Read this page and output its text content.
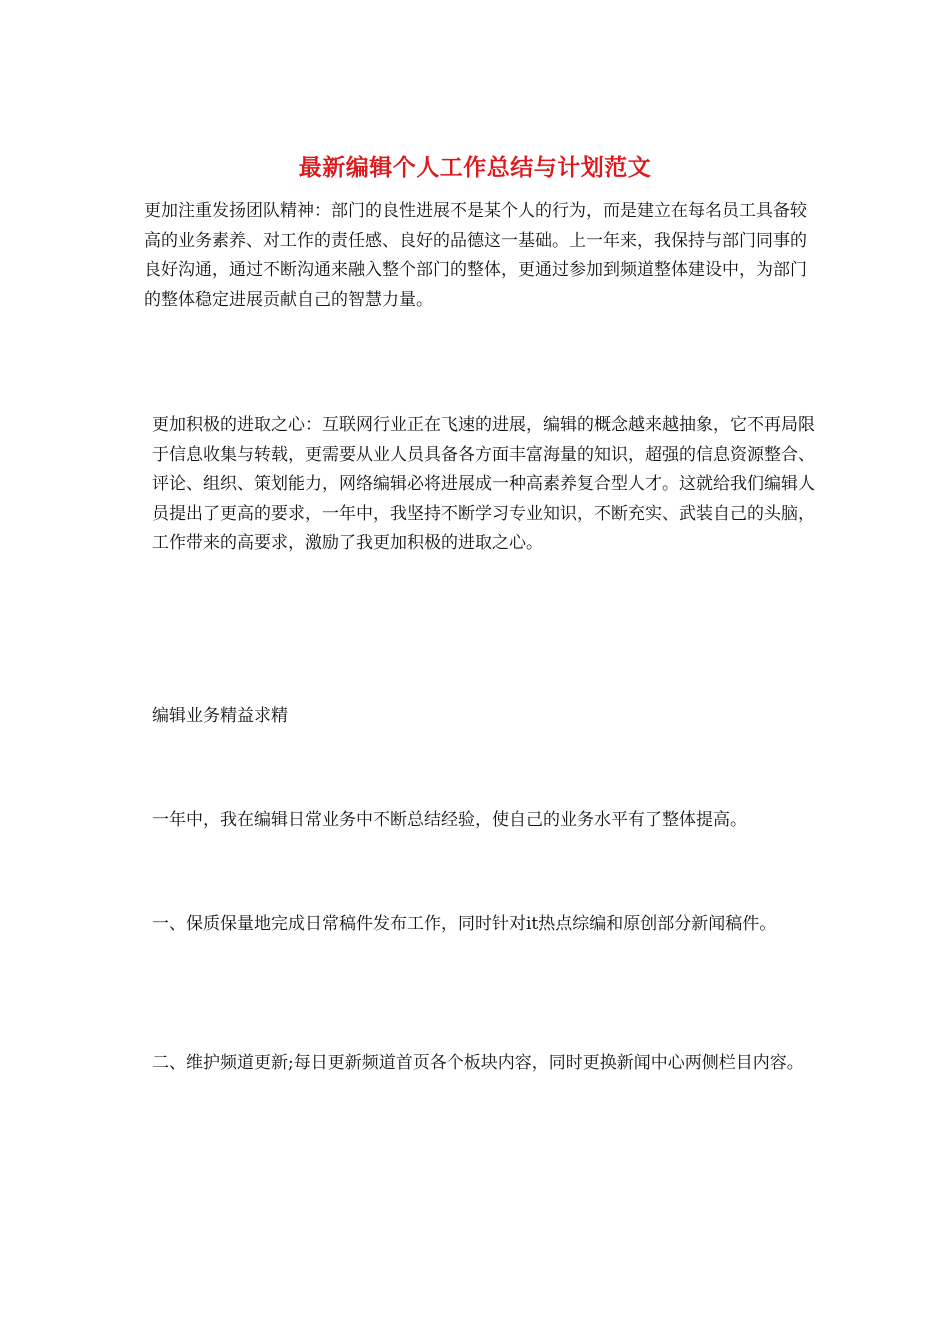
最新编辑个人工作总结与计划范文
更加注重发扬团队精神：部门的良性进展不是某个人的行为，而是建立在每名员工具备较高的业务素养、对工作的责任感、良好的品德这一基础。上一年来，我保持与部门同事的良好沟通，通过不断沟通来融入整个部门的整体，更通过参加到频道整体建设中，为部门的整体稳定进展贡献自己的智慧力量。
更加积极的进取之心：互联网行业正在飞速的进展，编辑的概念越来越抽象，它不再局限于信息收集与转载，更需要从业人员具备各方面丰富海量的知识，超强的信息资源整合、评论、组织、策划能力，网络编辑必将进展成一种高素养复合型人才。这就给我们编辑人员提出了更高的要求，一年中，我坚持不断学习专业知识，不断充实、武装自己的头脑，工作带来的高要求，激励了我更加积极的进取之心。
编辑业务精益求精
一年中，我在编辑日常业务中不断总结经验，使自己的业务水平有了整体提高。
一、保质保量地完成日常稿件发布工作，同时针对it热点综编和原创部分新闻稿件。
二、维护频道更新;每日更新频道首页各个板块内容，同时更换新闻中心两侧栏目内容。
